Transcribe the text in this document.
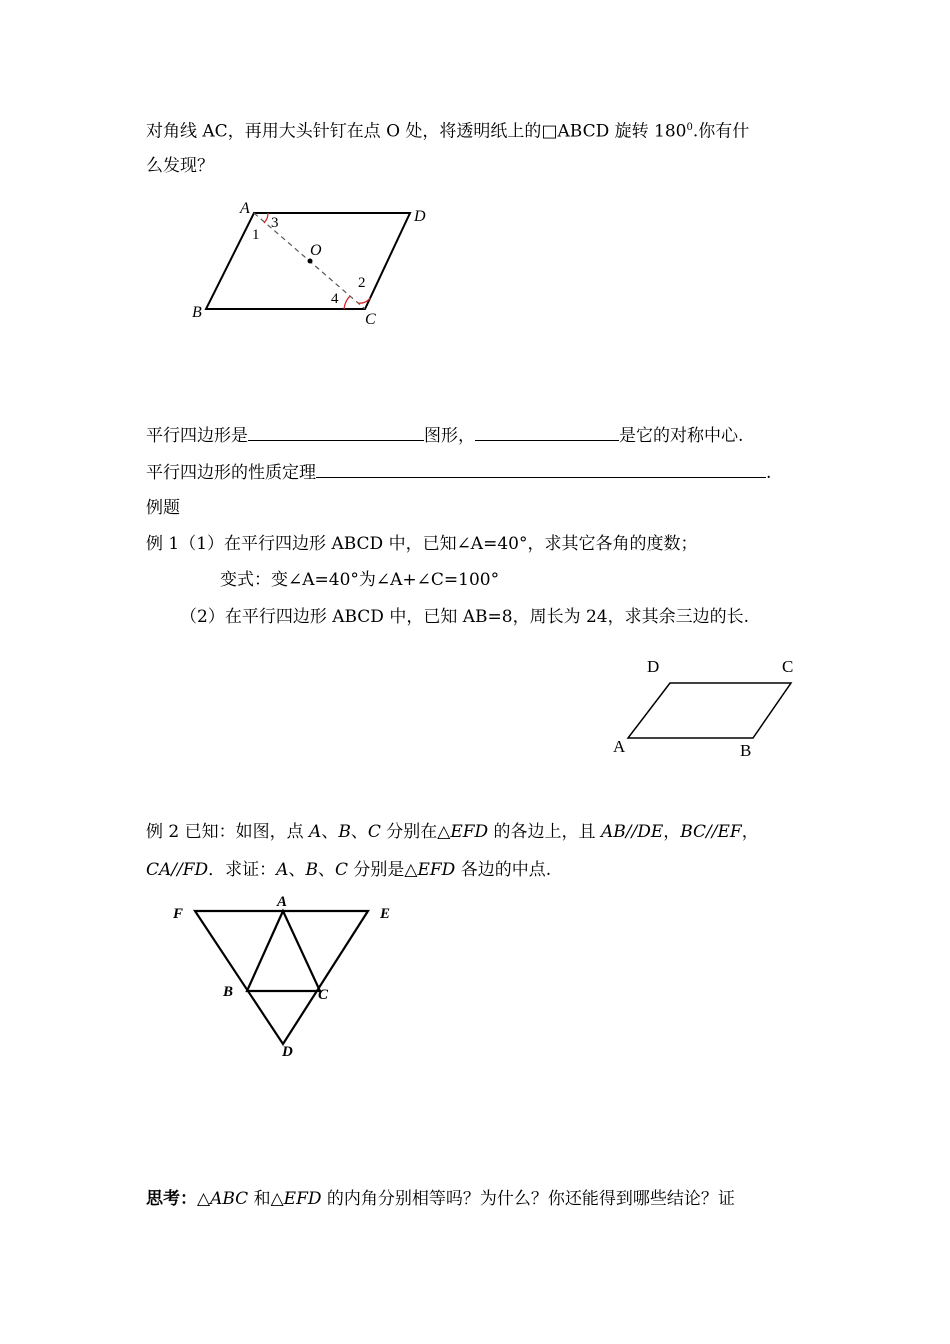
对角线 AC，再用大头针钉在点 O 处，将透明纸上的□ABCD 旋转 $180^0$.你有什
么发现？
A	D
B	C
O
1
3
2
4
平行四边形是	图形，	是它的对称中心.
平行四边形的性质定理	.
例题
例 1（1）在平行四边形 ABCD 中，已知∠A=40°，求其它各角的度数；
变式：变∠A=40°为∠A+∠C=100°
（2）在平行四边形 ABCD 中，已知 AB=8，周长为 24，求其余三边的长.
D	C
A	B
例 2 已知：如图，点 A、B、C 分别在△EFD 的各边上，且 AB//DE，BC//EF，
CA//FD．求证：A、B、C 分别是△EFD 各边的中点.
F
A
E
B	C
D
思考：△ABC 和△EFD 的内角分别相等吗？为什么？你还能得到哪些结论？证
